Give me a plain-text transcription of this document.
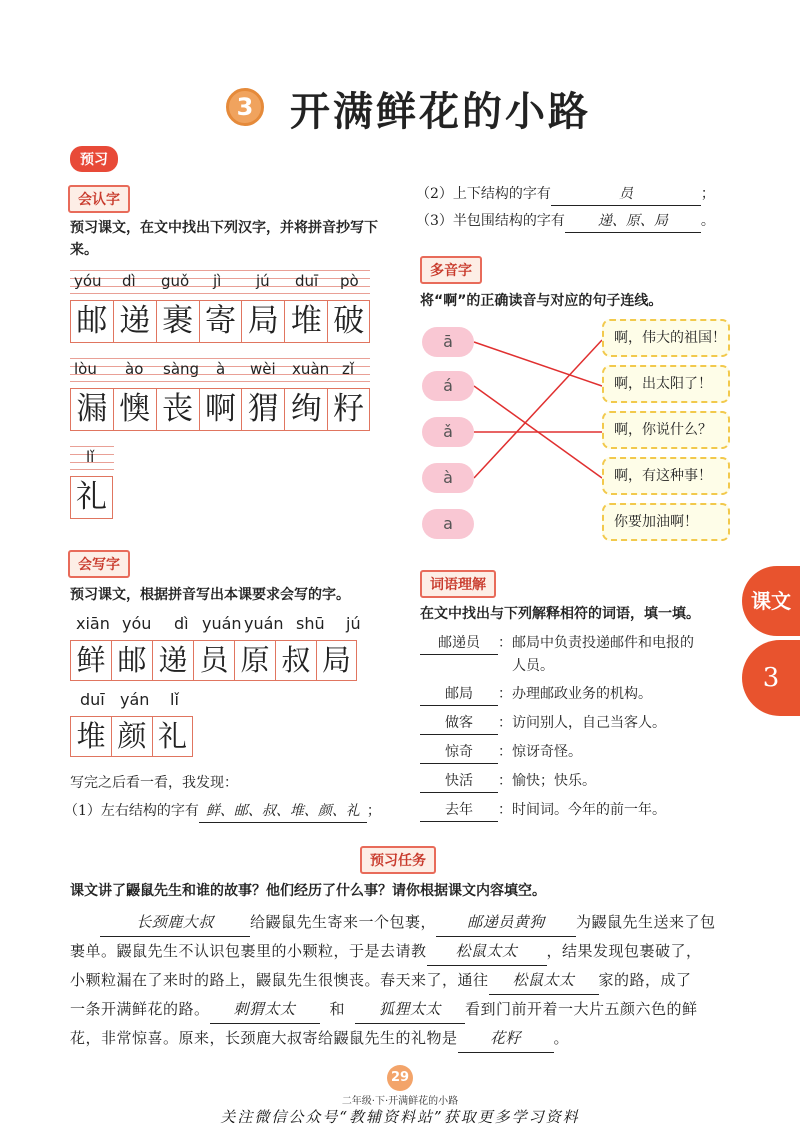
3 开满鲜花的小路
预习
会认字
预习课文，在文中找出下列汉字，并将拼音抄写下来。
yóu dì guǒ jì jú duī pò
邮 递 裹 寄 局 堆 破
lòu ào sàng à wèi xuàn zǐ
漏 懊 丧 啊 猬 绚 籽
lǐ
礼
会写字
预习课文，根据拼音写出本课要求会写的字。
xiān yóu dì yuán yuán shū jú
鲜 邮 递 员 原 叔 局
duī yán lǐ
堆 颜 礼
写完之后看一看，我发现：
（1）左右结构的字有 鲜、邮、叔、堆、颜、礼 ；
（2）上下结构的字有	员	；
（3）半包围结构的字有 递、原、局 。
多音字
将“啊”的正确读音与对应的句子连线。
ā
á
ǎ
à
a
啊，伟大的祖国！
啊，出太阳了！
啊，你说什么？
啊，有这种事！
你要加油啊！
词语理解
在文中找出与下列解释相符的词语，填一填。
邮递员 ：邮局中负责投递邮件和电报的
人员。
邮局 ：办理邮政业务的机构。
做客 ：访问别人，自己当客人。
惊奇 ：惊讶奇怪。
快活 ：愉快；快乐。
去年 ：时间词。今年的前一年。
课文
3
预习任务
课文讲了鼹鼠先生和谁的故事？他们经历了什么事？请你根据课文内容填空。
长颈鹿大叔 给鼹鼠先生寄来一个包裹， 邮递员黄狗 为鼹鼠先生送来了包
裹单。鼹鼠先生不认识包裹里的小颗粒，于是去请教 松鼠太太 ，结果发现包裹破了，
小颗粒漏在了来时的路上，鼹鼠先生很懊丧。春天来了，通往 松鼠太太 家的路，成了
一条开满鲜花的路。 刺猬太太 和 狐狸太太 看到门前开着一大片五颜六色的鲜
花，非常惊喜。原来，长颈鹿大叔寄给鼹鼠先生的礼物是 花籽 。
29
二年级·下·开满鲜花的小路
关注微信公众号“教辅资料站”获取更多学习资料
